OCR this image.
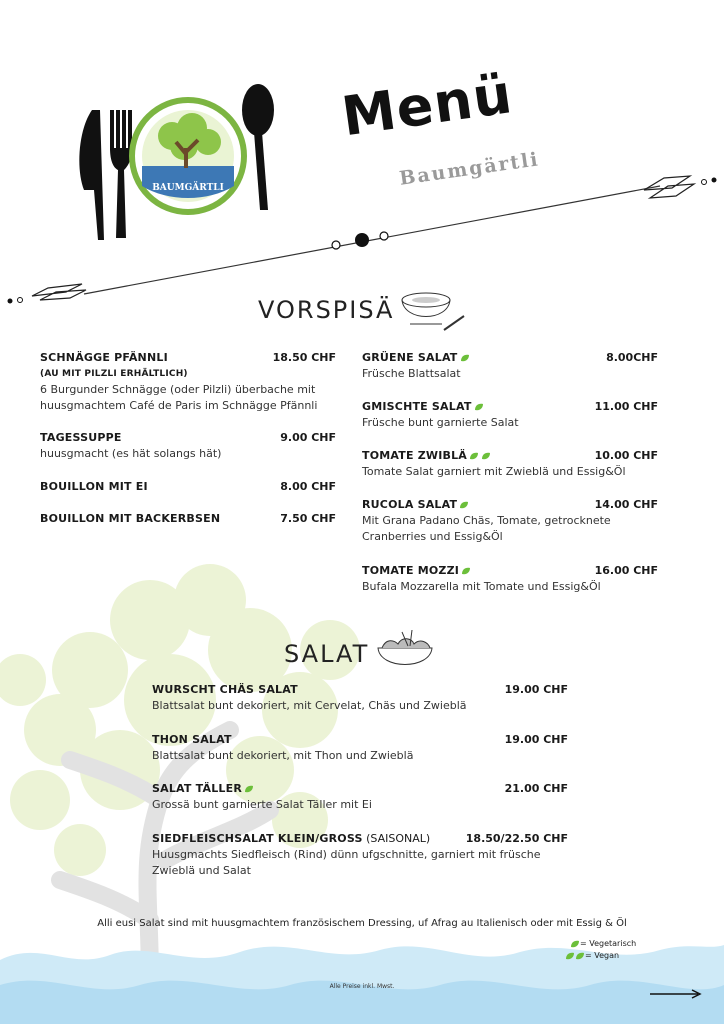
BAUMGÄRTLI
Menü
Baumgärtli
VORSPISÄ
SCHNÄGGE PFÄNNLI	18.50 CHF
(AU MIT PILZLI ERHÄLTLICH)
6 Burgunder Schnägge (oder Pilzli) überbache mit
huusgmachtem Café de Paris im Schnägge Pfännli
TAGESSUPPE	9.00 CHF
huusgmacht (es hät solangs hät)
BOUILLON MIT EI	8.00 CHF
BOUILLON MIT BACKERBSEN	7.50 CHF
GRÜENE SALAT	8.00CHF
Früsche Blattsalat
GMISCHTE SALAT	11.00 CHF
Früsche bunt garnierte Salat
TOMATE ZWIBLÄ	10.00 CHF
Tomate Salat garniert mit Zwieblä und Essig&Öl
RUCOLA SALAT	14.00 CHF
Mit Grana Padano Chäs, Tomate, getrocknete
Cranberries und Essig&Öl
TOMATE MOZZI	16.00 CHF
Bufala Mozzarella mit Tomate und Essig&Öl
SALAT
WURSCHT CHÄS SALAT	19.00 CHF
Blattsalat bunt dekoriert, mit Cervelat, Chäs und Zwieblä
THON SALAT	19.00 CHF
Blattsalat bunt dekoriert, mit Thon und Zwieblä
SALAT TÄLLER	21.00 CHF
Grossä bunt garnierte Salat Täller mit Ei
SIEDFLEISCHSALAT KLEIN/GROSS (SAISONAL)	18.50/22.50 CHF
Huusgmachts Siedfleisch (Rind) dünn ufgschnitte, garniert mit früsche
Zwieblä und Salat
Alli eusi Salat sind mit huusgmachtem französischem Dressing, uf Afrag au Italienisch oder mit Essig & Öl
= Vegetarisch
= Vegan
Alle Preise inkl. Mwst.
